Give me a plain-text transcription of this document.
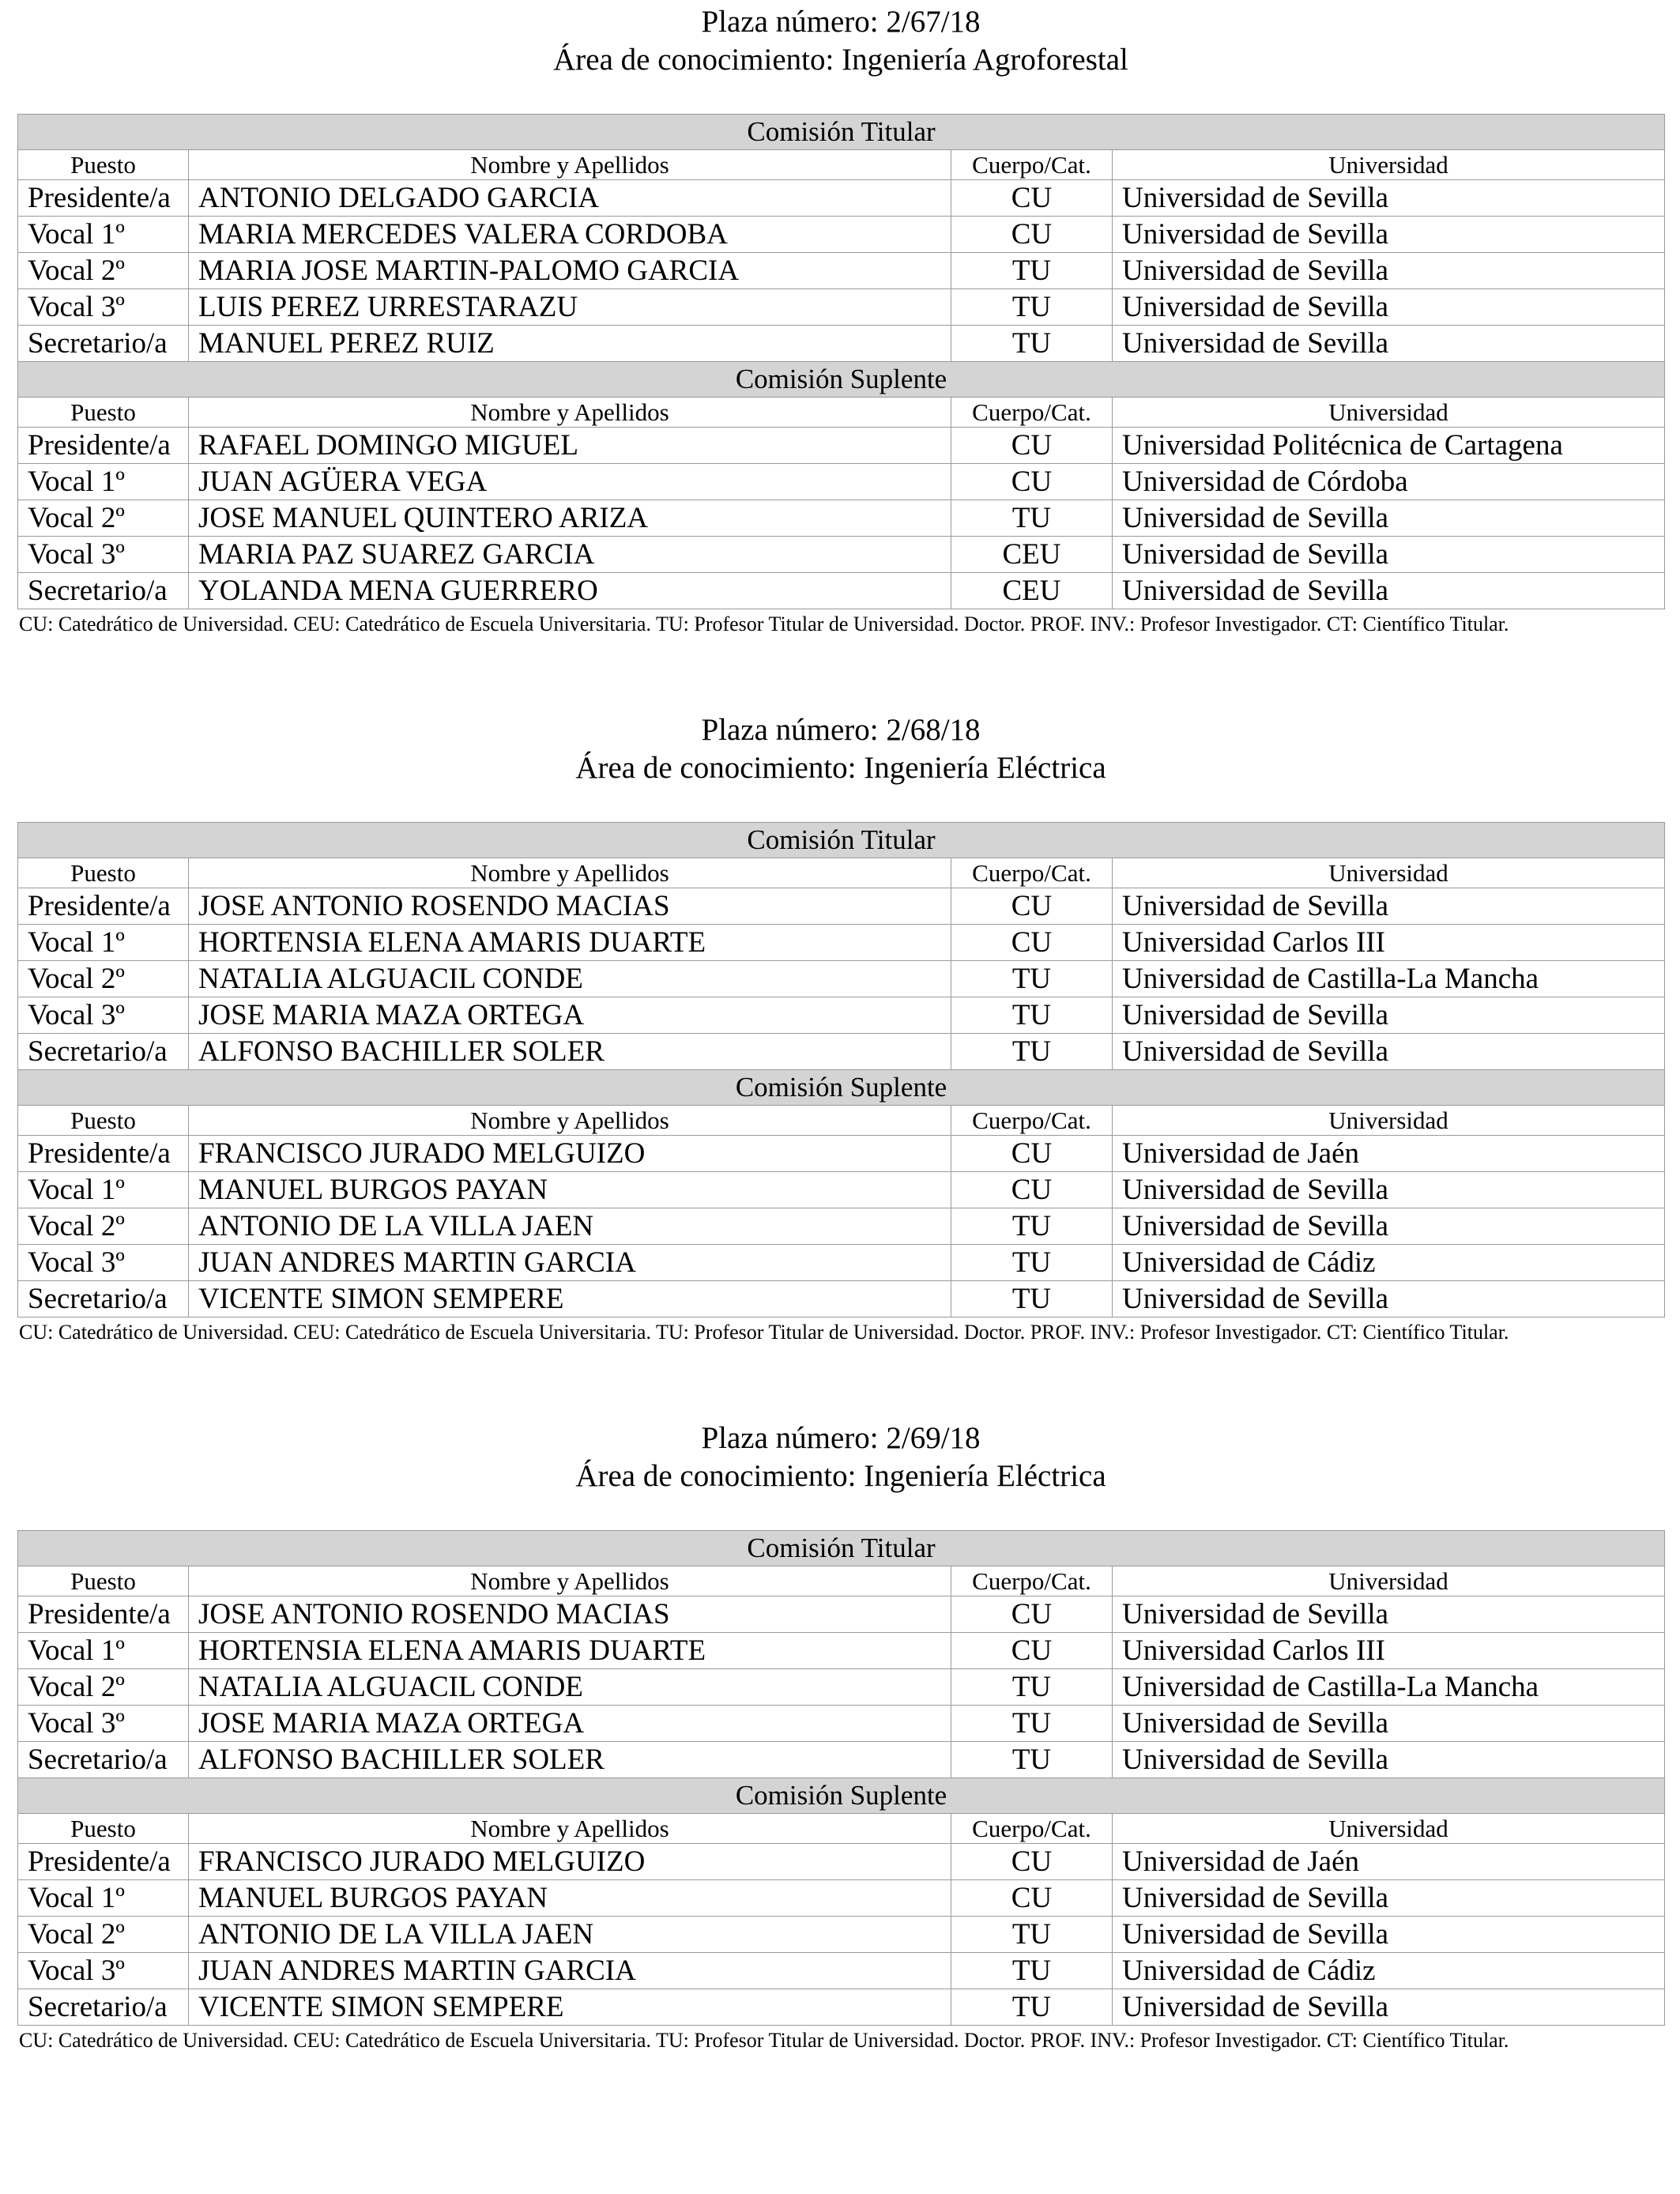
Plaza número: 2/67/18
Área de conocimiento: Ingeniería Agroforestal
Comisión Titular			
Puesto	Nombre y Apellidos	Cuerpo/Cat.	Universidad
Presidente/a	ANTONIO DELGADO GARCIA	CU	Universidad de Sevilla
Vocal 1º	MARIA MERCEDES VALERA CORDOBA	CU	Universidad de Sevilla
Vocal 2º	MARIA JOSE MARTIN-PALOMO GARCIA	TU	Universidad de Sevilla
Vocal 3º	LUIS PEREZ URRESTARAZU	TU	Universidad de Sevilla
Secretario/a	MANUEL PEREZ RUIZ	TU	Universidad de Sevilla
Comisión Suplente			
Puesto	Nombre y Apellidos	Cuerpo/Cat.	Universidad
Presidente/a	RAFAEL DOMINGO MIGUEL	CU	Universidad Politécnica de Cartagena
Vocal 1º	JUAN AGÜERA VEGA	CU	Universidad de Córdoba
Vocal 2º	JOSE MANUEL QUINTERO ARIZA	TU	Universidad de Sevilla
Vocal 3º	MARIA PAZ SUAREZ GARCIA	CEU	Universidad de Sevilla
Secretario/a	YOLANDA MENA GUERRERO	CEU	Universidad de Sevilla
CU: Catedrático de Universidad. CEU: Catedrático de Escuela Universitaria. TU: Profesor Titular de Universidad. Doctor. PROF. INV.: Profesor Investigador. CT: Científico Titular.
Plaza número: 2/68/18
Área de conocimiento: Ingeniería Eléctrica
Comisión Titular			
Puesto	Nombre y Apellidos	Cuerpo/Cat.	Universidad
Presidente/a	JOSE ANTONIO ROSENDO MACIAS	CU	Universidad de Sevilla
Vocal 1º	HORTENSIA ELENA AMARIS DUARTE	CU	Universidad Carlos III
Vocal 2º	NATALIA ALGUACIL CONDE	TU	Universidad de Castilla-La Mancha
Vocal 3º	JOSE MARIA MAZA ORTEGA	TU	Universidad de Sevilla
Secretario/a	ALFONSO BACHILLER SOLER	TU	Universidad de Sevilla
Comisión Suplente			
Puesto	Nombre y Apellidos	Cuerpo/Cat.	Universidad
Presidente/a	FRANCISCO JURADO MELGUIZO	CU	Universidad de Jaén
Vocal 1º	MANUEL BURGOS PAYAN	CU	Universidad de Sevilla
Vocal 2º	ANTONIO DE LA VILLA JAEN	TU	Universidad de Sevilla
Vocal 3º	JUAN ANDRES MARTIN GARCIA	TU	Universidad de Cádiz
Secretario/a	VICENTE SIMON SEMPERE	TU	Universidad de Sevilla
CU: Catedrático de Universidad. CEU: Catedrático de Escuela Universitaria. TU: Profesor Titular de Universidad. Doctor. PROF. INV.: Profesor Investigador. CT: Científico Titular.
Plaza número: 2/69/18
Área de conocimiento: Ingeniería Eléctrica
Comisión Titular			
Puesto	Nombre y Apellidos	Cuerpo/Cat.	Universidad
Presidente/a	JOSE ANTONIO ROSENDO MACIAS	CU	Universidad de Sevilla
Vocal 1º	HORTENSIA ELENA AMARIS DUARTE	CU	Universidad Carlos III
Vocal 2º	NATALIA ALGUACIL CONDE	TU	Universidad de Castilla-La Mancha
Vocal 3º	JOSE MARIA MAZA ORTEGA	TU	Universidad de Sevilla
Secretario/a	ALFONSO BACHILLER SOLER	TU	Universidad de Sevilla
Comisión Suplente			
Puesto	Nombre y Apellidos	Cuerpo/Cat.	Universidad
Presidente/a	FRANCISCO JURADO MELGUIZO	CU	Universidad de Jaén
Vocal 1º	MANUEL BURGOS PAYAN	CU	Universidad de Sevilla
Vocal 2º	ANTONIO DE LA VILLA JAEN	TU	Universidad de Sevilla
Vocal 3º	JUAN ANDRES MARTIN GARCIA	TU	Universidad de Cádiz
Secretario/a	VICENTE SIMON SEMPERE	TU	Universidad de Sevilla
CU: Catedrático de Universidad. CEU: Catedrático de Escuela Universitaria. TU: Profesor Titular de Universidad. Doctor. PROF. INV.: Profesor Investigador. CT: Científico Titular.
